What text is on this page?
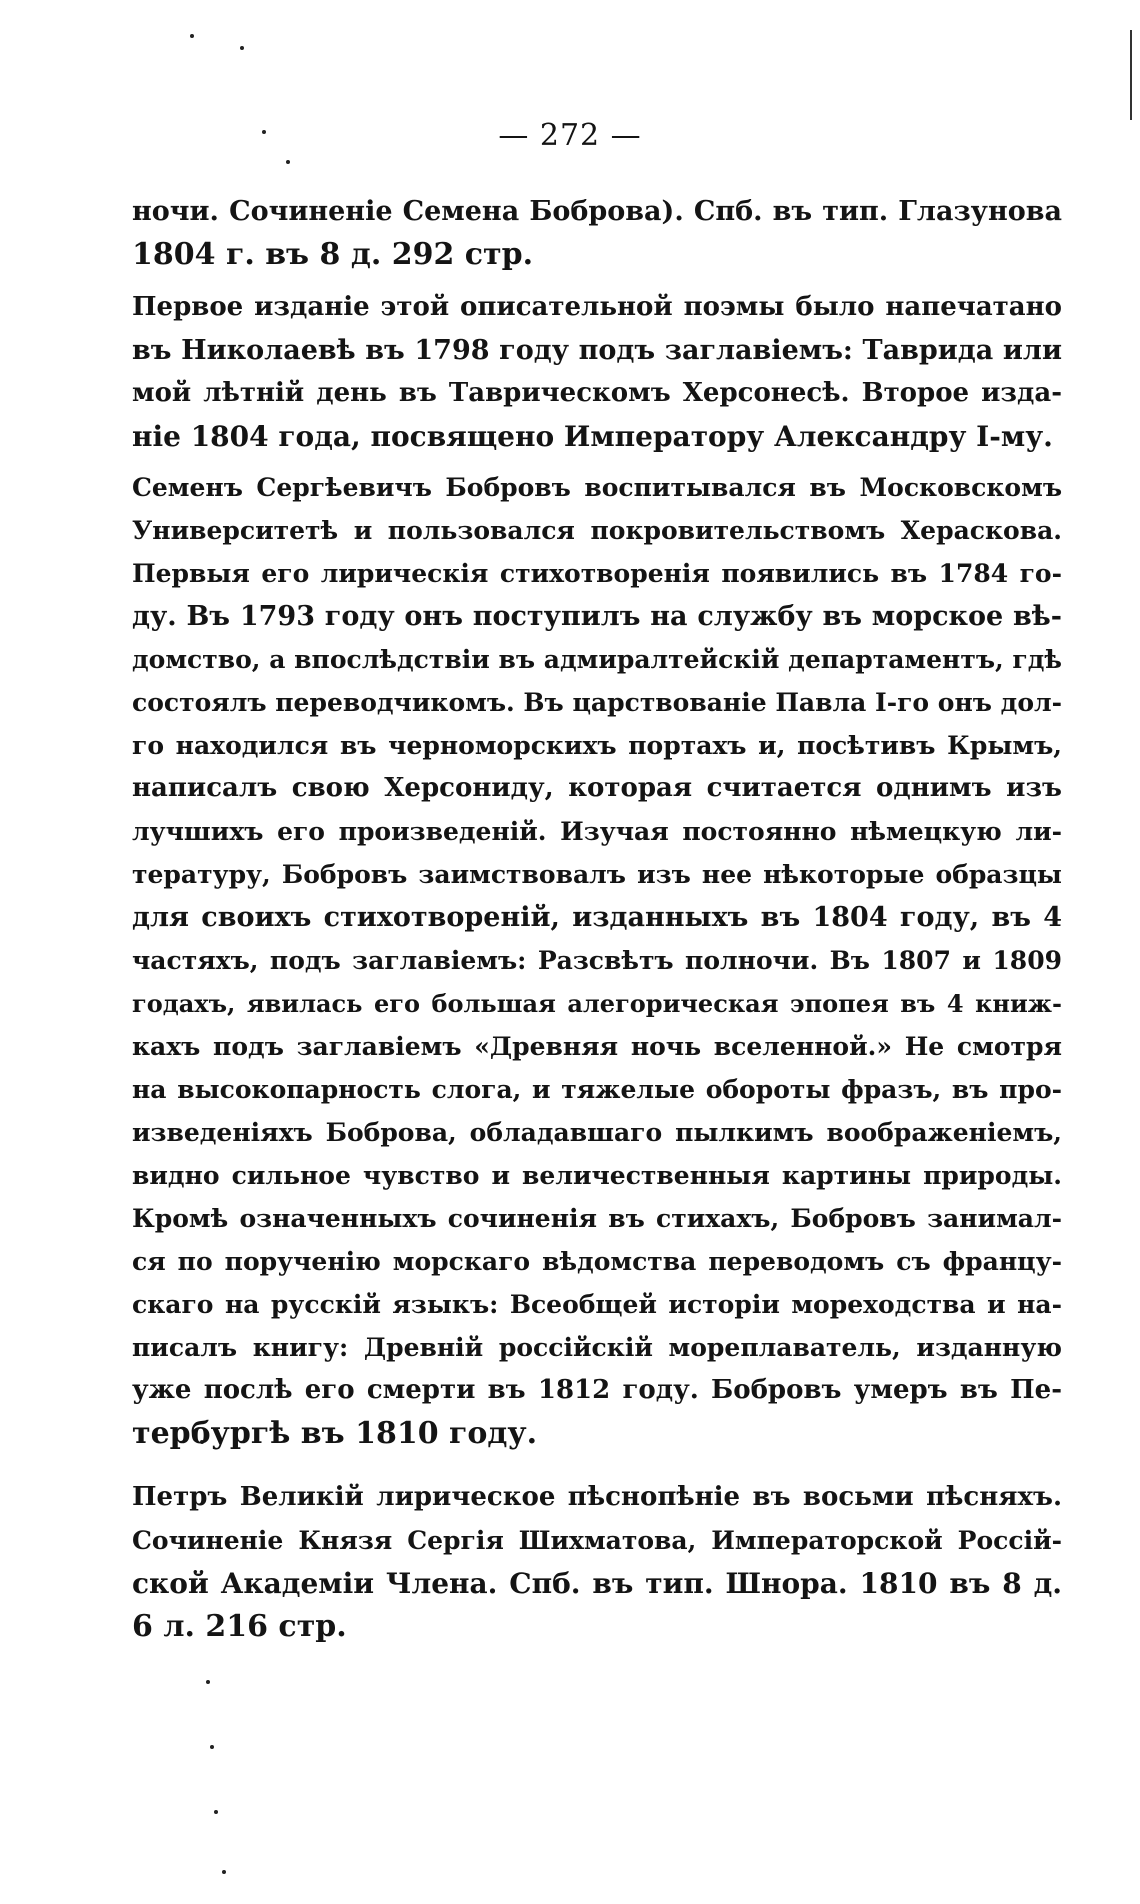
— 272 —
ночи. Сочиненіе Семена Боброва). Спб. въ тип. Глазунова
1804 г. въ 8 д. 292 стр.
Первое изданіе этой описательной поэмы было напечатано
въ Николаевѣ въ 1798 году подъ заглавіемъ: Таврида или
мой лѣтній день въ Таврическомъ Херсонесѣ. Второе изда-
ніе 1804 года, посвящено Императору Александру I-му.
Семенъ Сергѣевичъ Бобровъ воспитывался въ Московскомъ
Университетѣ и пользовался покровительствомъ Хераскова.
Первыя его лирическія стихотворенія появились въ 1784 го-
ду. Въ 1793 году онъ поступилъ на службу въ морское вѣ-
домство, а впослѣдствіи въ адмиралтейскій департаментъ, гдѣ
состоялъ переводчикомъ. Въ царствованіе Павла I-го онъ дол-
го находился въ черноморскихъ портахъ и, посѣтивъ Крымъ,
написалъ свою Херсониду, которая считается однимъ изъ
лучшихъ его произведеній. Изучая постоянно нѣмецкую ли-
тературу, Бобровъ заимствовалъ изъ нее нѣкоторые образцы
для своихъ стихотвореній, изданныхъ въ 1804 году, въ 4
частяхъ, подъ заглавіемъ: Разсвѣтъ полночи. Въ 1807 и 1809
годахъ, явилась его большая алегорическая эпопея въ 4 книж-
кахъ подъ заглавіемъ «Древняя ночь вселенной.» Не смотря
на высокопарность слога, и тяжелые обороты фразъ, въ про-
изведеніяхъ Боброва, обладавшаго пылкимъ воображеніемъ,
видно сильное чувство и величественныя картины природы.
Кромѣ означенныхъ сочиненія въ стихахъ, Бобровъ занимал-
ся по порученію морскаго вѣдомства переводомъ съ францу-
скаго на русскій языкъ: Всеобщей исторіи мореходства и на-
писалъ книгу: Древній россійскій мореплаватель, изданную
уже послѣ его смерти въ 1812 году. Бобровъ умеръ въ Пе-
тербургѣ въ 1810 году.
Петръ Великій лирическое пѣснопѣніе въ восьми пѣсняхъ.
Сочиненіе Князя Сергія Шихматова, Императорской Россій-
ской Академіи Члена. Спб. въ тип. Шнора. 1810 въ 8 д.
6 л. 216 стр.
